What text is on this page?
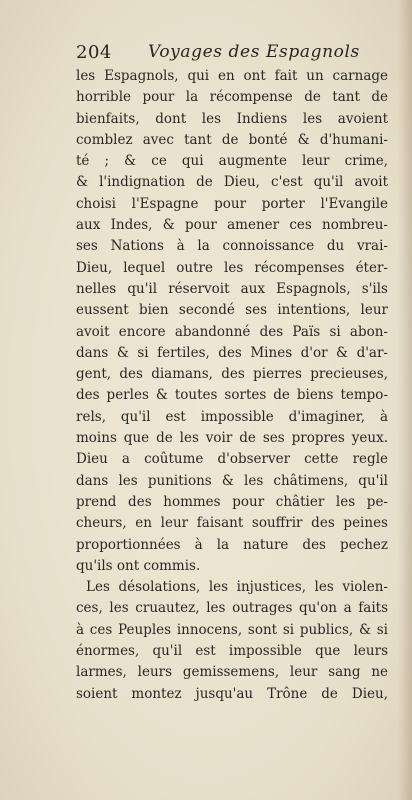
204 Voyages des Espagnols
les Espagnols, qui en ont fait un carnage
horrible pour la récompense de tant de
bienfaits, dont les Indiens les avoient
comblez avec tant de bonté & d'humani-
té ; & ce qui augmente leur crime,
& l'indignation de Dieu, c'est qu'il avoit
choisi l'Espagne pour porter l'Evangile
aux Indes, & pour amener ces nombreu-
ses Nations à la connoissance du vrai-
Dieu, lequel outre les récompenses éter-
nelles qu'il réservoit aux Espagnols, s'ils
eussent bien secondé ses intentions, leur
avoit encore abandonné des Païs si abon-
dans & si fertiles, des Mines d'or & d'ar-
gent, des diamans, des pierres precieuses,
des perles & toutes sortes de biens tempo-
rels, qu'il est impossible d'imaginer, à
moins que de les voir de ses propres yeux.
Dieu a coûtume d'observer cette regle
dans les punitions & les châtimens, qu'il
prend des hommes pour châtier les pe-
cheurs, en leur faisant souffrir des peines
proportionnées à la nature des pechez
qu'ils ont commis.
Les désolations, les injustices, les violen-
ces, les cruautez, les outrages qu'on a faits
à ces Peuples innocens, sont si publics, & si
énormes, qu'il est impossible que leurs
larmes, leurs gemissemens, leur sang ne
soient montez jusqu'au Trône de Dieu,
